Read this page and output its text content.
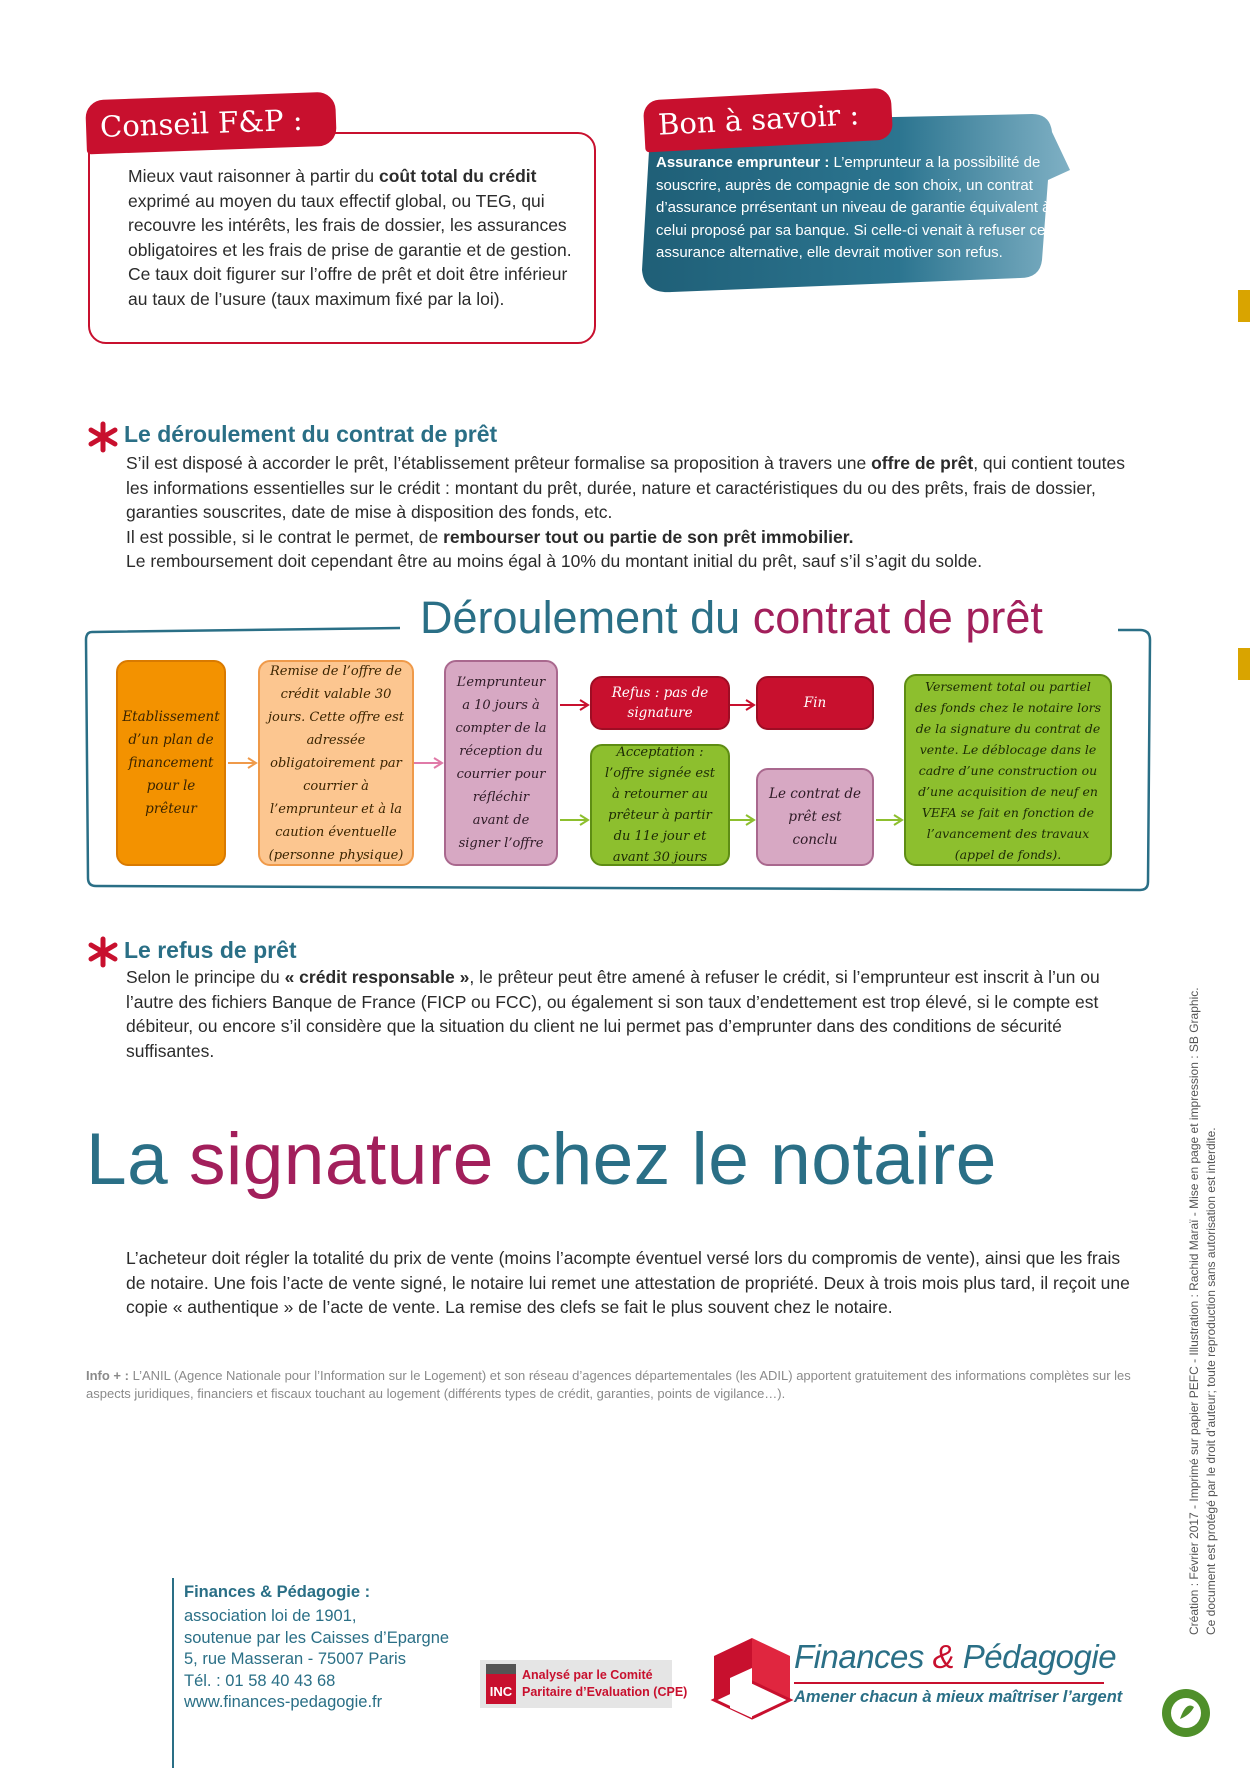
Conseil F&P :
Mieux vaut raisonner à partir du coût total du crédit exprimé au moyen du taux effectif global, ou TEG, qui recouvre les intérêts, les frais de dossier, les assurances obligatoires et les frais de prise de garantie et de gestion. Ce taux doit figurer sur l’offre de prêt et doit être inférieur au taux de l’usure (taux maximum fixé par la loi).
Bon à savoir :
Assurance emprunteur : L’emprunteur a la possibilité de souscrire, auprès de compagnie de son choix, un contrat d’assurance prrésentant un niveau de garantie équivalent à celui proposé par sa banque. Si celle-ci venait à refuser cette assurance alternative, elle devrait motiver son refus.
Le déroulement du contrat de prêt
S’il est disposé à accorder le prêt, l’établissement prêteur formalise sa proposition à travers une offre de prêt, qui contient toutes les informations essentielles sur le crédit : montant du prêt, durée, nature et caractéristiques du ou des prêts, frais de dossier, garanties souscrites, date de mise à disposition des fonds, etc.
Il est possible, si le contrat le permet, de rembourser tout ou partie de son prêt immobilier.
Le remboursement doit cependant être au moins égal à 10% du montant initial du prêt, sauf s’il s’agit du solde.
Déroulement du contrat de prêt
Etablissement d’un plan de financement pour le prêteur
Remise de l’offre de crédit valable 30 jours. Cette offre est adressée obligatoirement par courrier à l’emprunteur et à la caution éventuelle (personne physique)
L’emprunteur a 10 jours à compter de la réception du courrier pour réfléchir avant de signer l’offre
Refus : pas de signature
Fin
Acceptation : l’offre signée est à retourner au prêteur à partir du 11e jour et avant 30 jours
Le contrat de prêt est conclu
Versement total ou partiel des fonds chez le notaire lors de la signature du contrat de vente. Le déblocage dans le cadre d’une construction ou d’une acquisition de neuf en VEFA se fait en fonction de l’avancement des travaux (appel de fonds).
Le refus de prêt
Selon le principe du « crédit responsable », le prêteur peut être amené à refuser le crédit, si l’emprunteur est inscrit à l’un ou l’autre des fichiers Banque de France (FICP ou FCC), ou également si son taux d’endettement est trop élevé, si le compte est débiteur, ou encore s’il considère que la situation du client ne lui permet pas d’emprunter dans des conditions de sécurité suffisantes.
La signature chez le notaire
L’acheteur doit régler la totalité du prix de vente (moins l’acompte éventuel versé lors du compromis de vente), ainsi que les frais de notaire. Une fois l’acte de vente signé, le notaire lui remet une attestation de propriété. Deux à trois mois plus tard, il reçoit une copie « authentique » de l’acte de vente. La remise des clefs se fait le plus souvent chez le notaire.
Info + : L’ANIL (Agence Nationale pour l’Information sur le Logement) et son réseau d’agences départementales (les ADIL) apportent gratuitement des informations complètes sur les aspects juridiques, financiers et fiscaux touchant au logement (différents types de crédit, garanties, points de vigilance…).	Création : Février 2017 - Imprimé sur papier PEFC - Illustration : Rachid Maraï - Mise en page et impression : SB Graphic. Ce document est protégé par le droit d’auteur; toute reproduction sans autorisation est interdite.
Finances & Pédagogie :
association loi de 1901,
soutenue par les Caisses d’Epargne
5, rue Masseran - 75007 Paris
Tél. : 01 58 40 43 68
www.finances-pedagogie.fr
INC
Analysé par le Comité
Paritaire d’Evaluation (CPE)
Finances & Pédagogie
Amener chacun à mieux maîtriser l’argent
